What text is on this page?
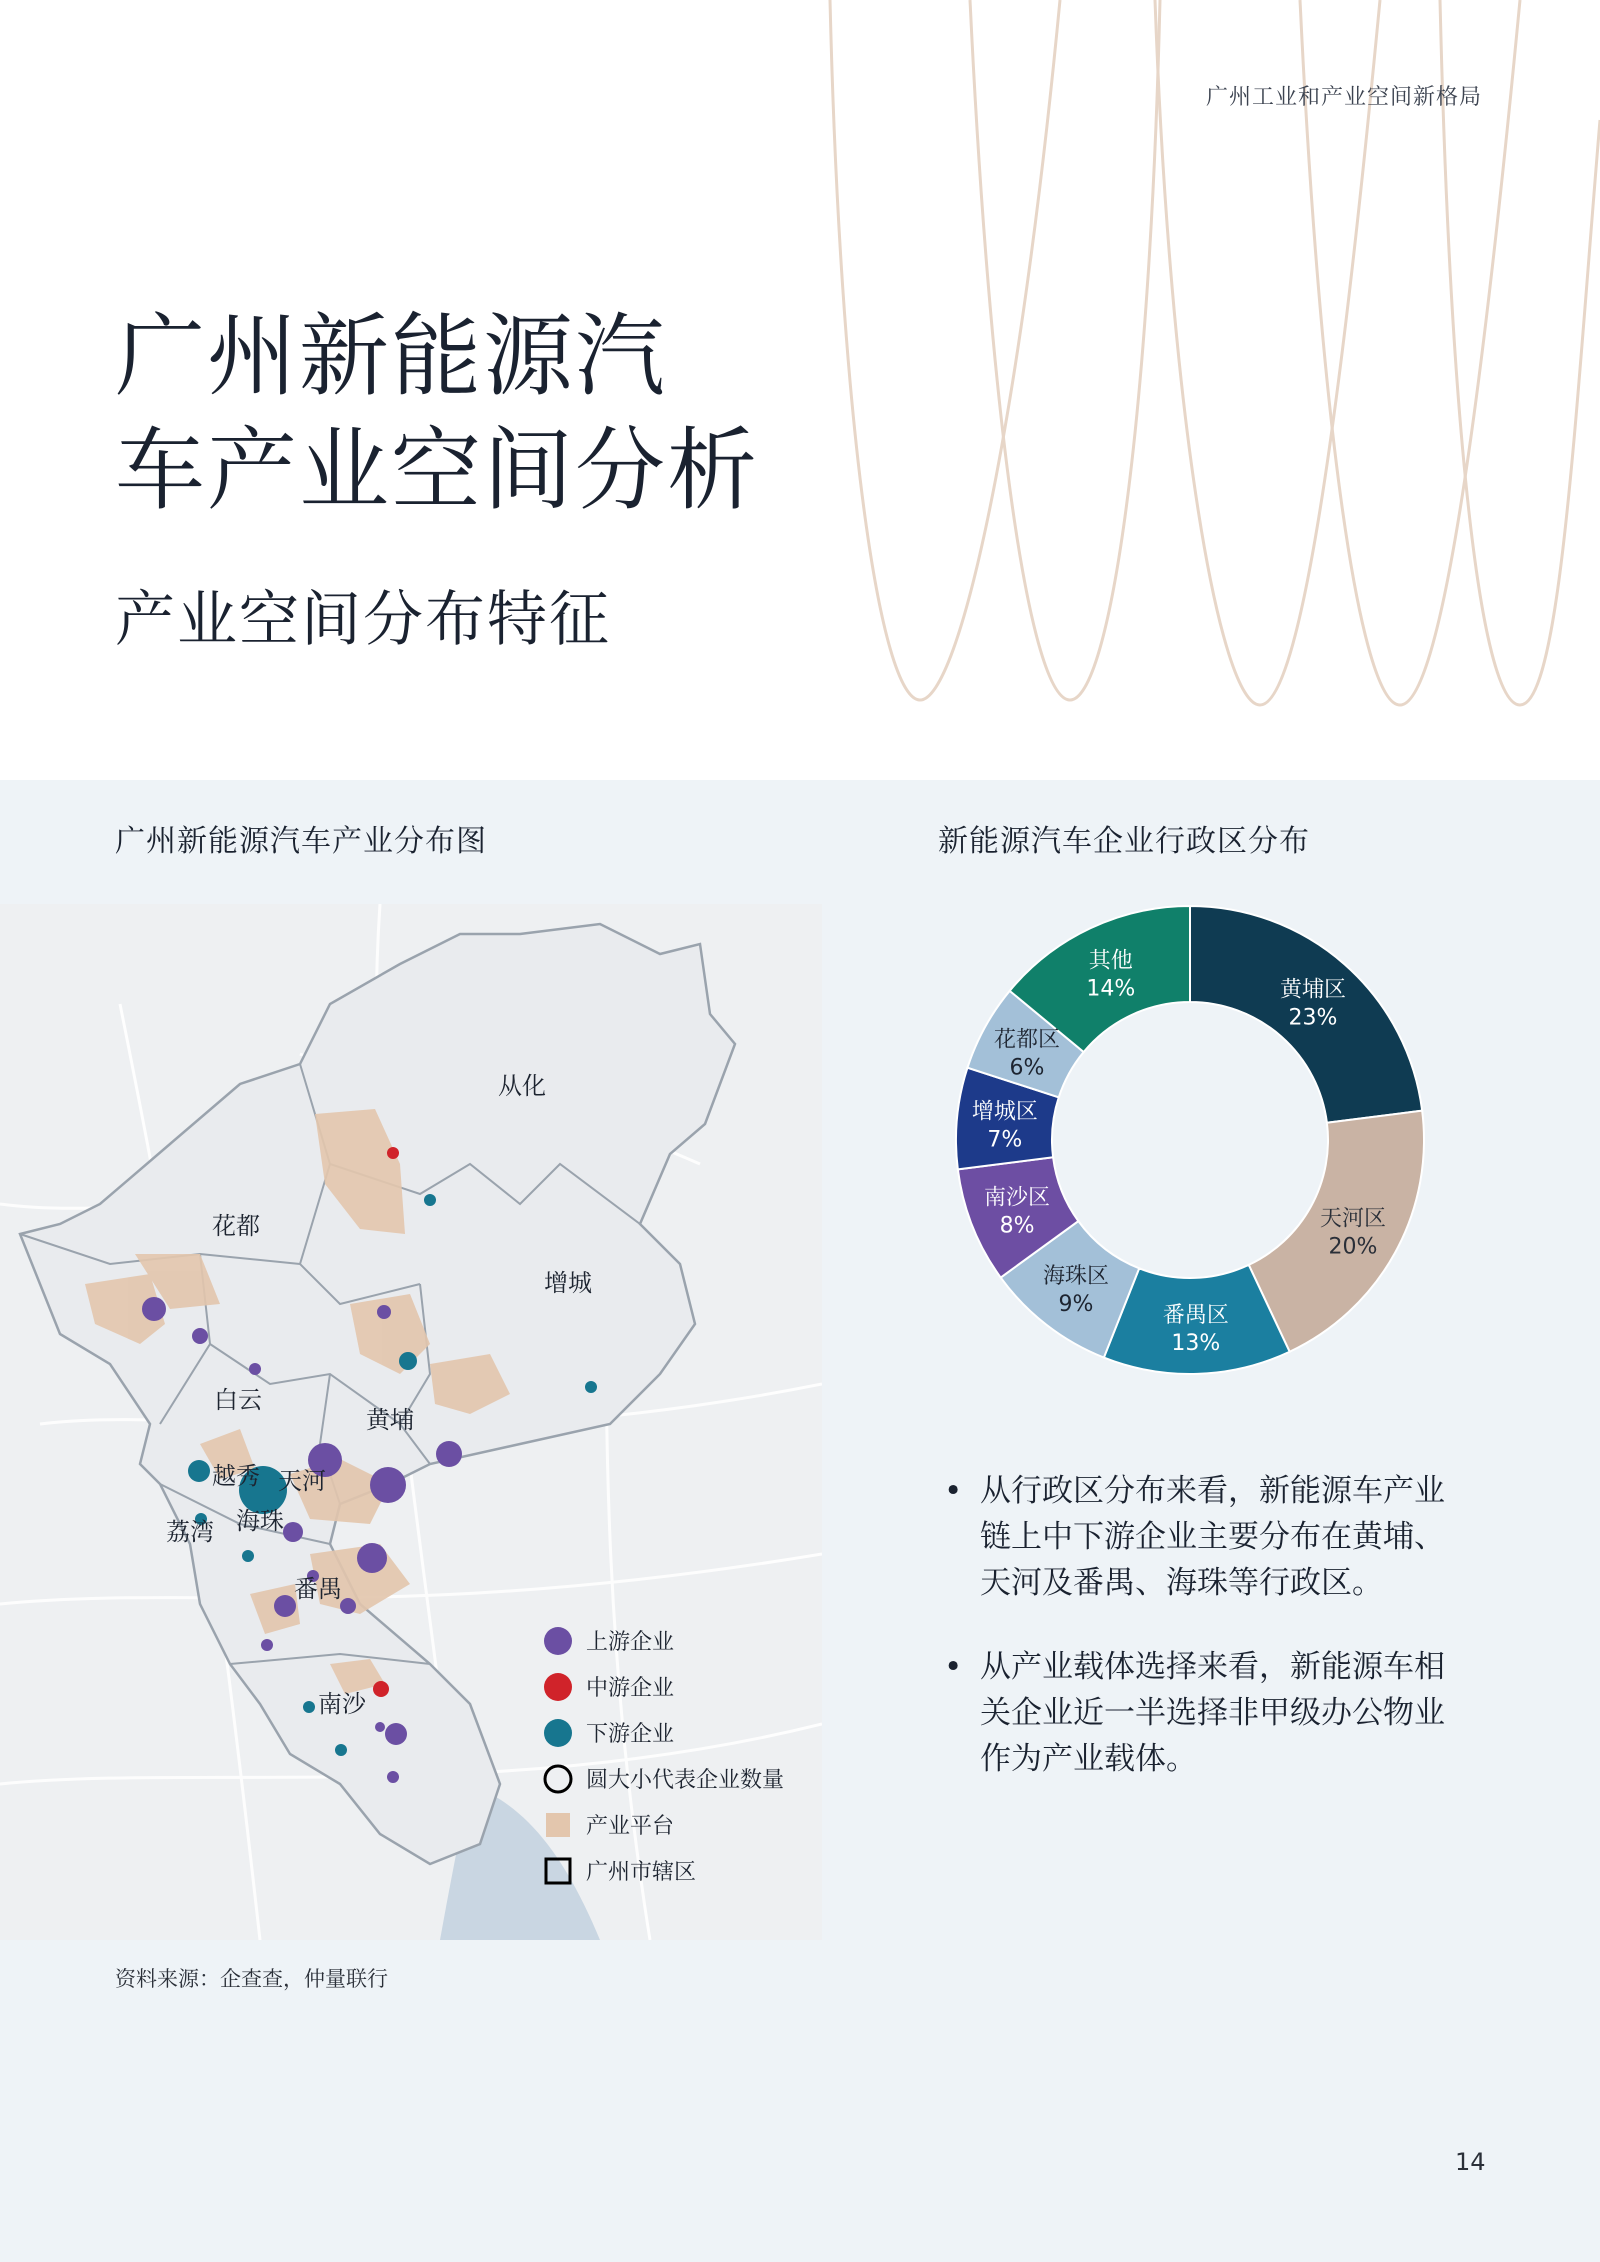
广州工业和产业空间新格局
广州新能源汽
车产业空间分析
产业空间分布特征
广州新能源汽车产业分布图	新能源汽车企业行政区分布
从化
花都
增城
白云
黄埔
越秀 天河
荔湾 海珠
番禺
南沙
上游企业
中游企业
下游企业
圆大小代表企业数量
产业平台
广州市辖区
黄埔区
23%
天河区
20%
番禺区
13%
海珠区
9%
南沙区
8%
增城区
7%
花都区
6%
其他
14%
• 从行政区分布来看，新能源车产业链上中下游企业主要分布在黄埔、天河及番禺、海珠等行政区。
• 从产业载体选择来看，新能源车相关企业近一半选择非甲级办公物业作为产业载体。
资料来源：企查查，仲量联行
14
